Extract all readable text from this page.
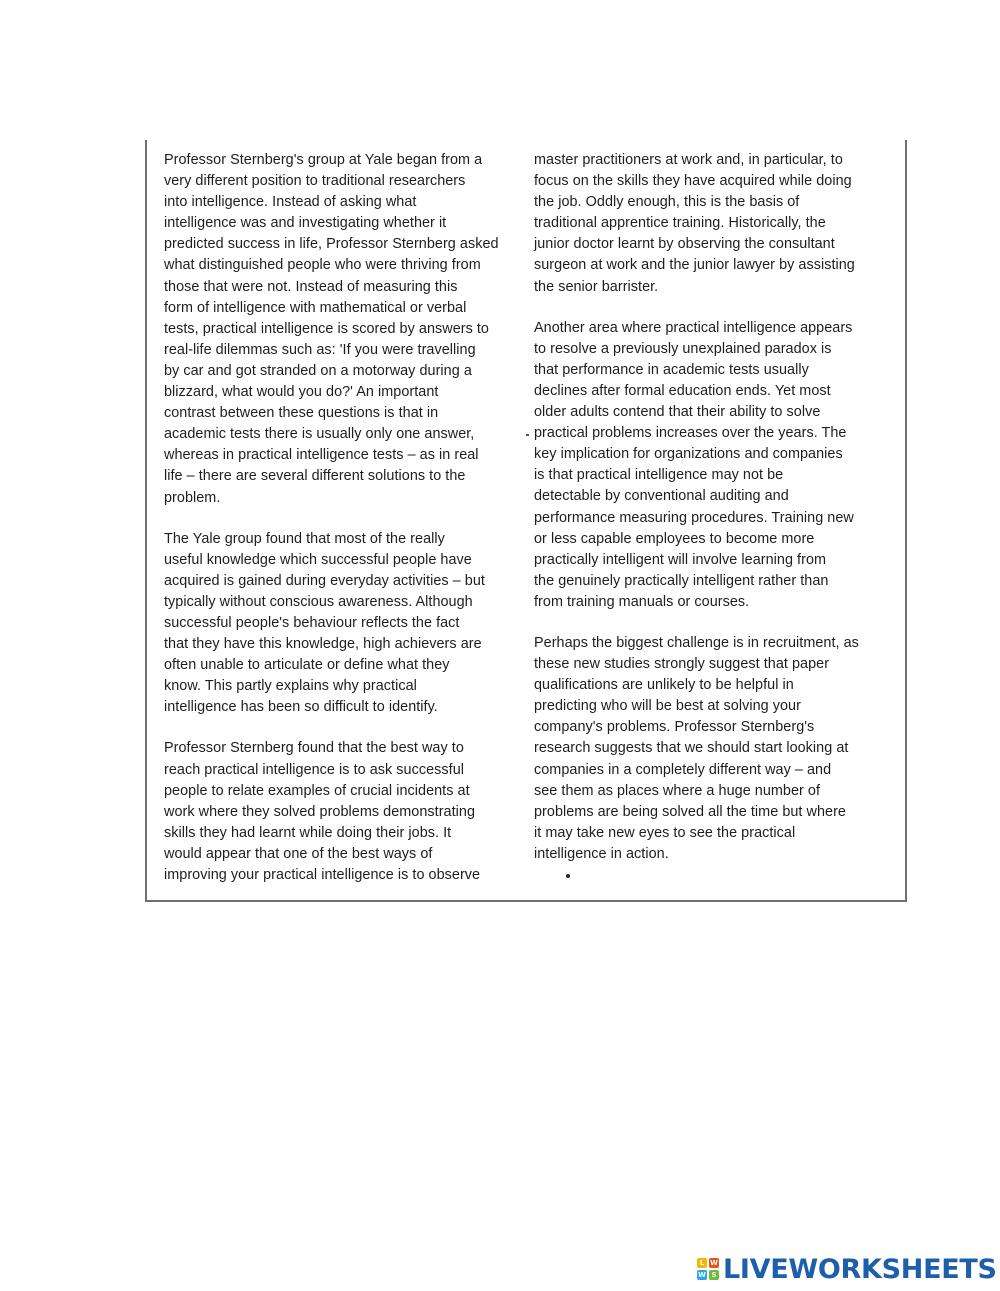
Professor Sternberg's group at Yale began from a
very different position to traditional researchers
into intelligence. Instead of asking what
intelligence was and investigating whether it
predicted success in life, Professor Sternberg asked
what distinguished people who were thriving from
those that were not. Instead of measuring this
form of intelligence with mathematical or verbal
tests, practical intelligence is scored by answers to
real-life dilemmas such as: 'If you were travelling
by car and got stranded on a motorway during a
blizzard, what would you do?' An important
contrast between these questions is that in
academic tests there is usually only one answer,
whereas in practical intelligence tests – as in real
life – there are several different solutions to the
problem.
The Yale group found that most of the really
useful knowledge which successful people have
acquired is gained during everyday activities – but
typically without conscious awareness. Although
successful people's behaviour reflects the fact
that they have this knowledge, high achievers are
often unable to articulate or define what they
know. This partly explains why practical
intelligence has been so difficult to identify.
Professor Sternberg found that the best way to
reach practical intelligence is to ask successful
people to relate examples of crucial incidents at
work where they solved problems demonstrating
skills they had learnt while doing their jobs. It
would appear that one of the best ways of
improving your practical intelligence is to observe
master practitioners at work and, in particular, to
focus on the skills they have acquired while doing
the job. Oddly enough, this is the basis of
traditional apprentice training. Historically, the
junior doctor learnt by observing the consultant
surgeon at work and the junior lawyer by assisting
the senior barrister.
Another area where practical intelligence appears
to resolve a previously unexplained paradox is
that performance in academic tests usually
declines after formal education ends. Yet most
older adults contend that their ability to solve
practical problems increases over the years. The
key implication for organizations and companies
is that practical intelligence may not be
detectable by conventional auditing and
performance measuring procedures. Training new
or less capable employees to become more
practically intelligent will involve learning from
the genuinely practically intelligent rather than
from training manuals or courses.
Perhaps the biggest challenge is in recruitment, as
these new studies strongly suggest that paper
qualifications are unlikely to be helpful in
predicting who will be best at solving your
company's problems. Professor Sternberg's
research suggests that we should start looking at
companies in a completely different way – and
see them as places where a huge number of
problems are being solved all the time but where
it may take new eyes to see the practical
intelligence in action.
L W
W S LIVEWORKSHEETS
